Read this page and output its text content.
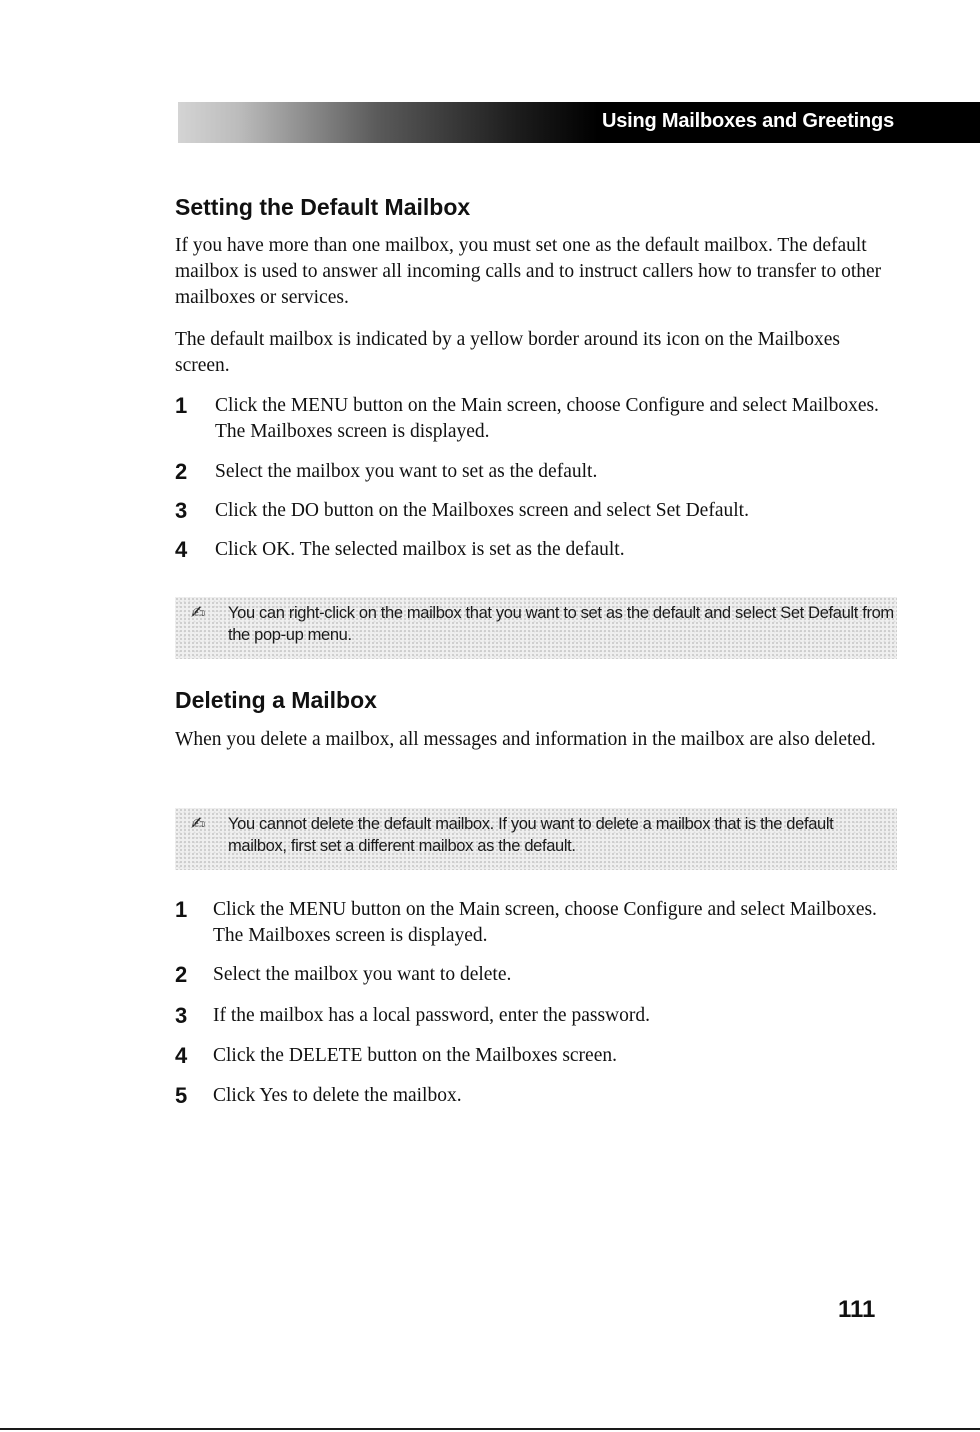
Using Mailboxes and Greetings
Setting the Default Mailbox

If you have more than one mailbox, you must set one as the default mailbox. The default mailbox is used to answer all incoming calls and to instruct callers how to transfer to other mailboxes or services.

The default mailbox is indicated by a yellow border around its icon on the Mailboxes screen.

1 Click the MENU button on the Main screen, choose Configure and select Mailboxes. The Mailboxes screen is displayed.
2 Select the mailbox you want to set as the default.
3 Click the DO button on the Mailboxes screen and select Set Default.
4 Click OK. The selected mailbox is set as the default.
✍ You can right-click on the mailbox that you want to set as the default and select Set Default from the pop-up menu.
Deleting a Mailbox

When you delete a mailbox, all messages and information in the mailbox are also deleted.

✍ You cannot delete the default mailbox. If you want to delete a mailbox that is the default mailbox, first set a different mailbox as the default.
1 Click the MENU button on the Main screen, choose Configure and select Mailboxes. The Mailboxes screen is displayed.
2 Select the mailbox you want to delete.
3 If the mailbox has a local password, enter the password.
4 Click the DELETE button on the Mailboxes screen.
5 Click Yes to delete the mailbox.
111
